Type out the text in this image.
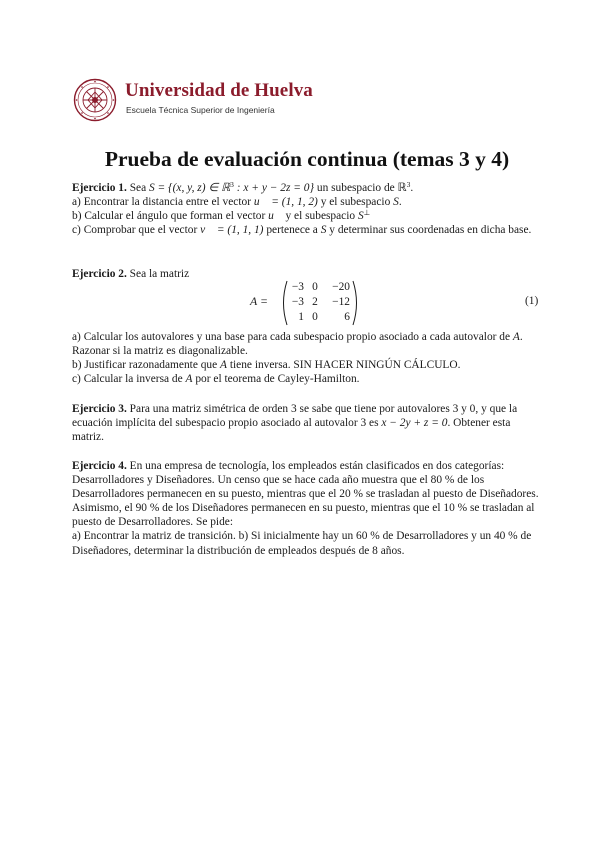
Universidad de Huelva
Escuela Técnica Superior de Ingeniería
Prueba de evaluación continua (temas 3 y 4)

Ejercicio 1. Sea S = {(x, y, z) ∈ ℝ$^3$ : x + y − 2z = 0} un subespacio de ℝ$^3$.

a) Encontrar la distancia entre el vector u⃗ = (1, 1, 2) y el subespacio S.

b) Calcular el ángulo que forman el vector u⃗ y el subespacio S⊥

c) Comprobar que el vector v⃗ = (1, 1, 1) pertenece a S y determinar sus coordenadas en dicha base.

Ejercicio 2. Sea la matriz

A =
−3 0	−20
−3 2	−12
1 0	6
(1)

a) Calcular los autovalores y una base para cada subespacio propio asociado a cada autovalor de A. Razonar si la matriz es diagonalizable.

b) Justificar razonadamente que A tiene inversa. SIN HACER NINGÚN CÁLCULO.

c) Calcular la inversa de A por el teorema de Cayley-Hamilton.

Ejercicio 3. Para una matriz simétrica de orden 3 se sabe que tiene por autovalores 3 y 0, y que la ecuación implícita del subespacio propio asociado al autovalor 3 es x − 2y + z = 0. Obtener esta matriz.

Ejercicio 4. En una empresa de tecnología, los empleados están clasificados en dos categorías: Desarrolladores y Diseñadores. Un censo que se hace cada año muestra que el 80 % de los Desarrolladores permanecen en su puesto, mientras que el 20 % se trasladan al puesto de Diseñadores. Asimismo, el 90 % de los Diseñadores permanecen en su puesto, mientras que el 10 % se trasladan al puesto de Desarrolladores. Se pide:

a) Encontrar la matriz de transición. b) Si inicialmente hay un 60 % de Desarrolladores y un 40 % de Diseñadores, determinar la distribución de empleados después de 8 años.
